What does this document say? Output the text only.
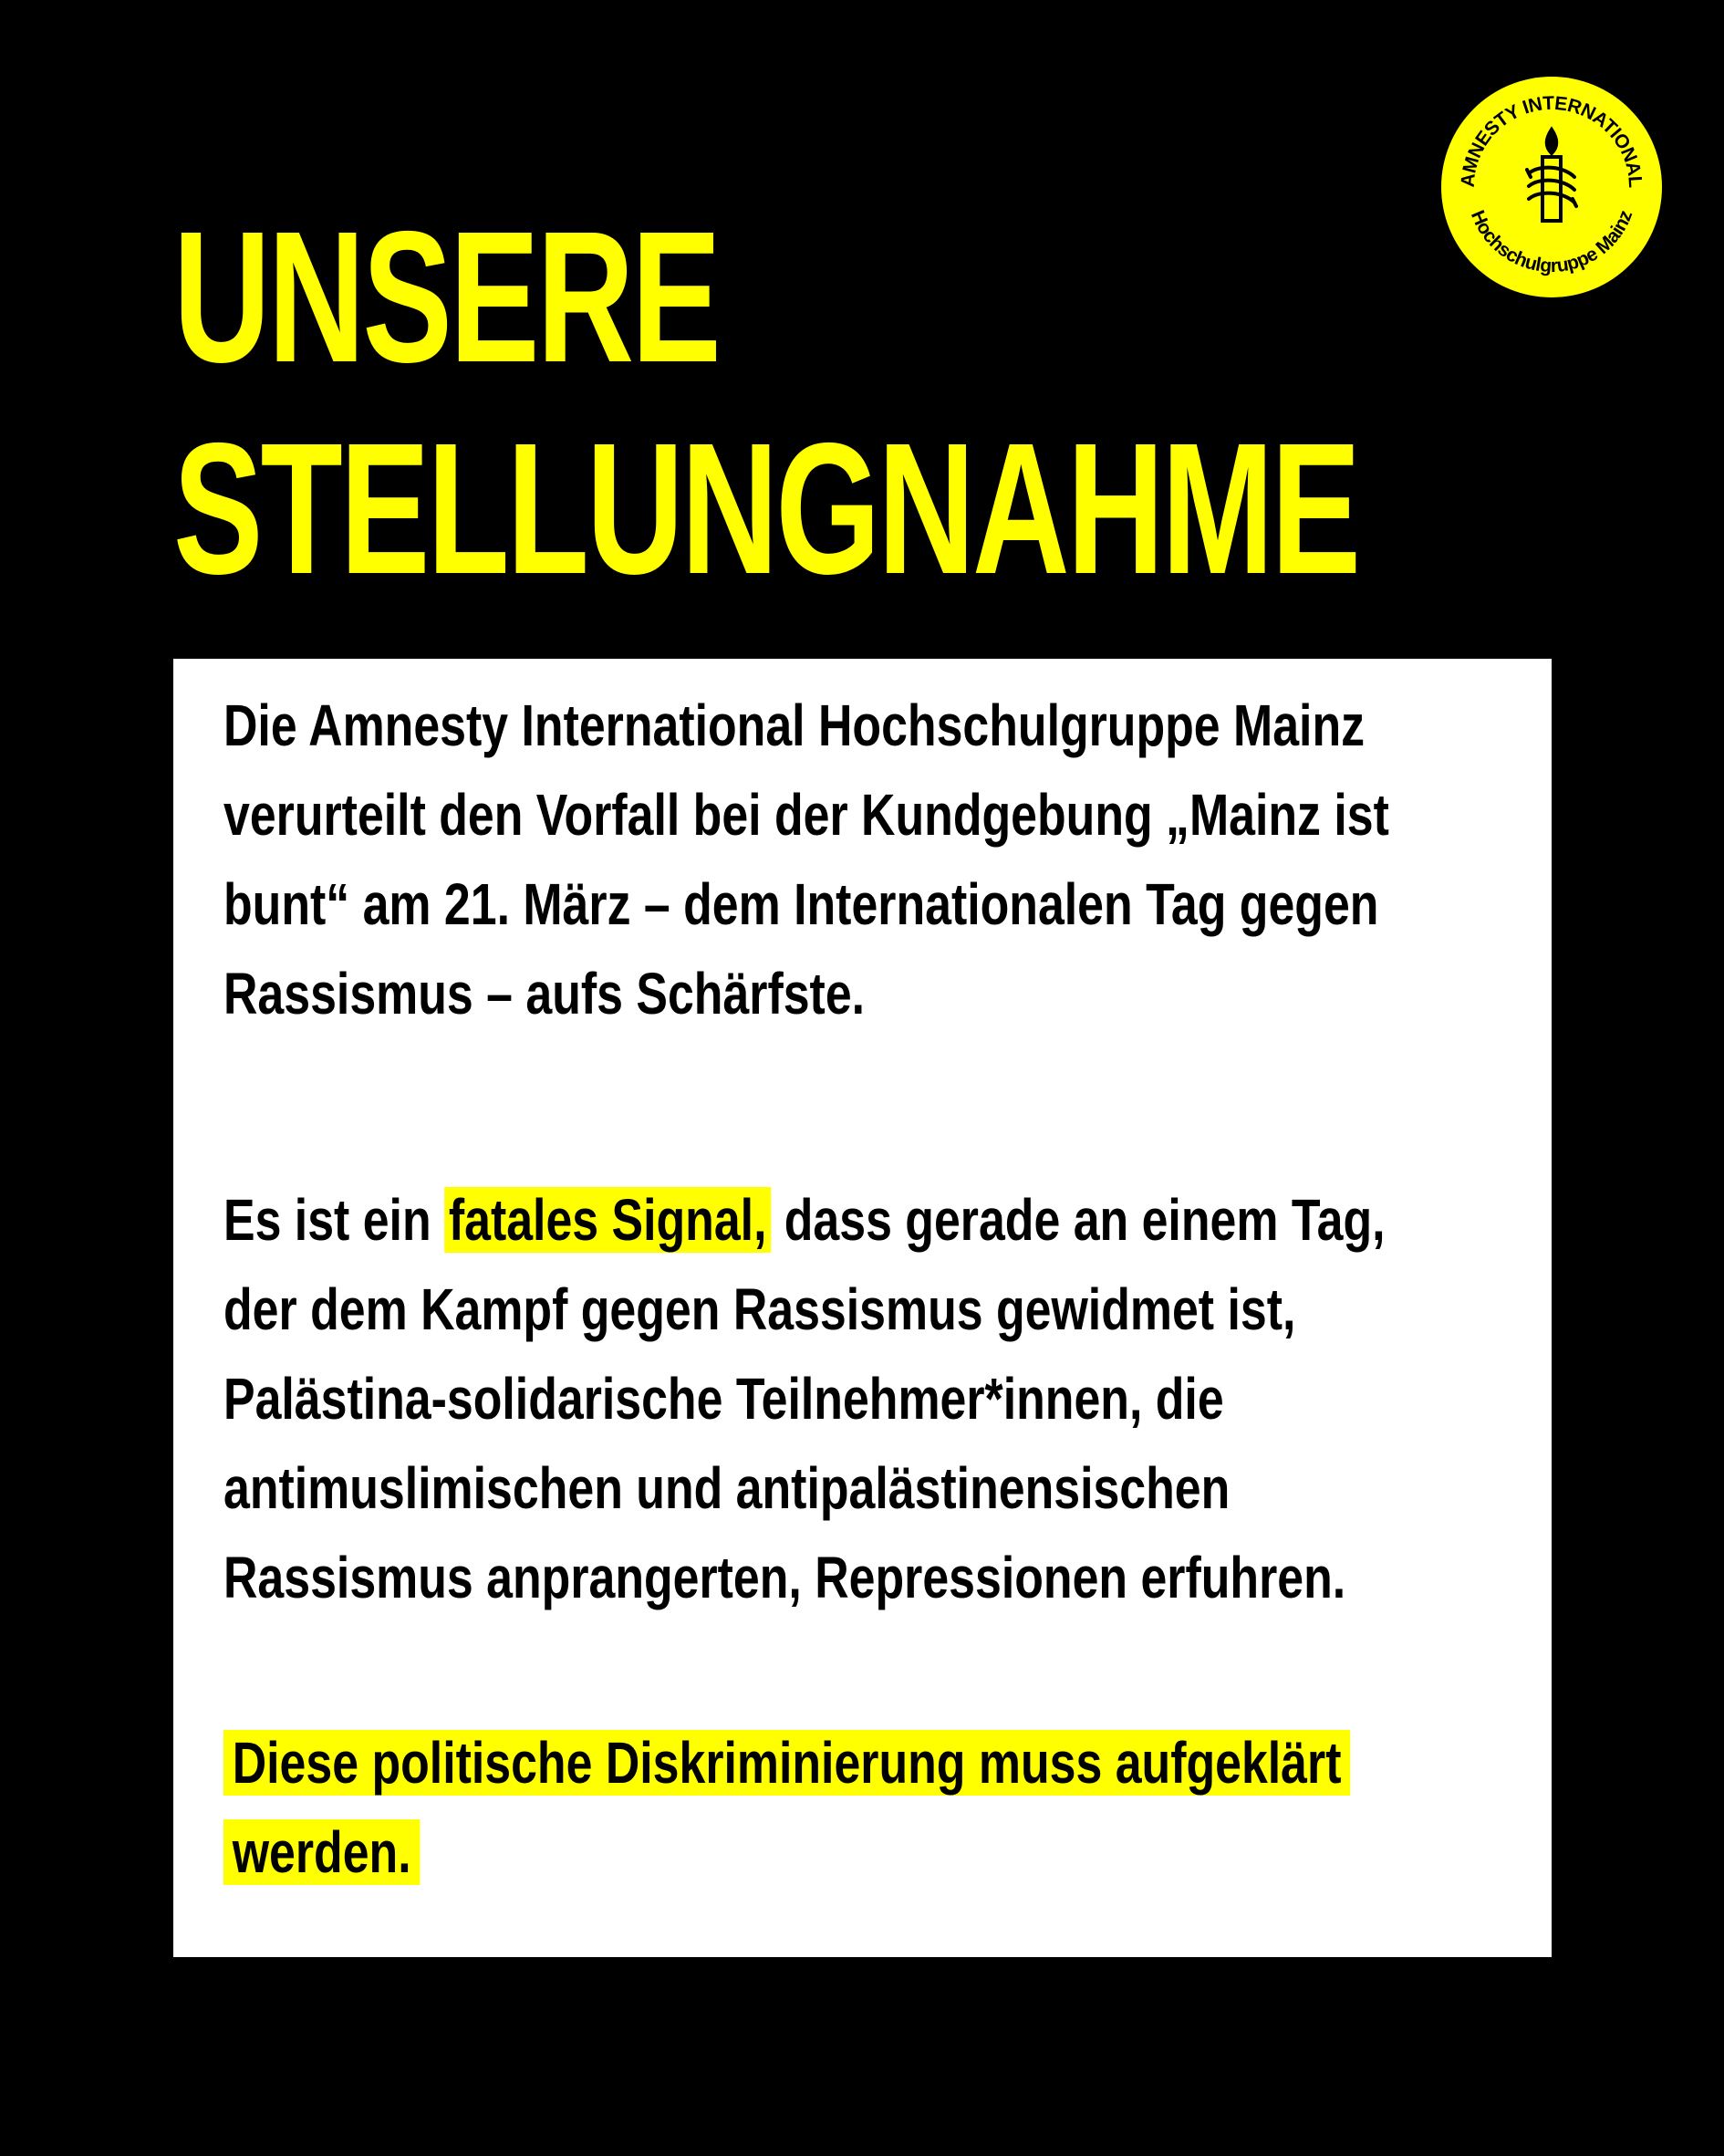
UNSERE
STELLUNGNAHME
AMNESTY INTERNATIONAL
Hochschulgruppe Mainz

Die Amnesty International Hochschulgruppe Mainz
verurteilt den Vorfall bei der Kundgebung „Mainz ist
bunt“ am 21. März – dem Internationalen Tag gegen
Rassismus – aufs Schärfste.

Es ist ein fatales Signal, dass gerade an einem Tag,
der dem Kampf gegen Rassismus gewidmet ist,
Palästina-solidarische Teilnehmer*innen, die
antimuslimischen und antipalästinensischen
Rassismus anprangerten, Repressionen erfuhren.

Diese politische Diskriminierung muss aufgeklärt
werden.
